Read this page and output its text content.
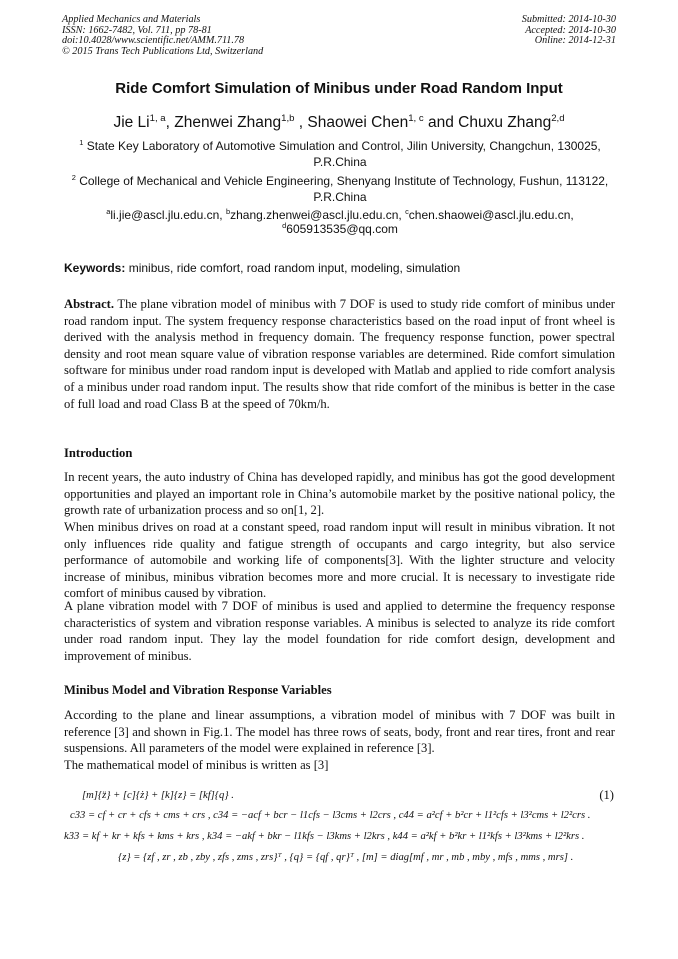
Applied Mechanics and Materials
ISSN: 1662-7482, Vol. 711, pp 78-81
doi:10.4028/www.scientific.net/AMM.711.78
© 2015 Trans Tech Publications Ltd, Switzerland
Submitted: 2014-10-30
Accepted: 2014-10-30
Online: 2014-12-31
Ride Comfort Simulation of Minibus under Road Random Input
Jie Li$^{1, a}$, Zhenwei Zhang$^{1,b}$ , Shaowei Chen$^{1, c}$ and Chuxu Zhang$^{2,d}$
$^1$ State Key Laboratory of Automotive Simulation and Control, Jilin University, Changchun, 130025, P.R.China
$^2$ College of Mechanical and Vehicle Engineering, Shenyang Institute of Technology, Fushun, 113122, P.R.China
$^a$li.jie@ascl.jlu.edu.cn, $^b$zhang.zhenwei@ascl.jlu.edu.cn, $^c$chen.shaowei@ascl.jlu.edu.cn,
$^d$605913535@qq.com
Keywords: minibus, ride comfort, road random input, modeling, simulation
Abstract. The plane vibration model of minibus with 7 DOF is used to study ride comfort of minibus under road random input. The system frequency response characteristics based on the road input of front wheel is derived with the analysis method in frequency domain. The frequency response function, power spectral density and root mean square value of vibration response variables are determined. Ride comfort simulation software for minibus under road random input is developed with Matlab and applied to ride comfort analysis of a minibus under road random input. The results show that ride comfort of the minibus is better in the case of full load and road Class B at the speed of 70km/h.
Introduction
In recent years, the auto industry of China has developed rapidly, and minibus has got the good development opportunities and played an important role in China’s automobile market by the positive national policy, the growth rate of urbanization process and so on[1, 2].
When minibus drives on road at a constant speed, road random input will result in minibus vibration. It not only influences ride quality and fatigue strength of occupants and cargo integrity, but also service performance of automobile and working life of components[3]. With the lighter structure and velocity increase of minibus, minibus vibration becomes more and more crucial. It is necessary to investigate ride comfort of minibus caused by vibration.
A plane vibration model with 7 DOF of minibus is used and applied to determine the frequency response characteristics of system and vibration response variables. A minibus is selected to analyze its ride comfort under road random input. They lay the model foundation for ride comfort design, development and improvement of minibus.
Minibus Model and Vibration Response Variables
According to the plane and linear assumptions, a vibration model of minibus with 7 DOF was built in reference [3] and shown in Fig.1. The model has three rows of seats, body, front and rear tires, front and rear suspensions. All parameters of the model were explained in reference [3].
The mathematical model of minibus is written as [3]
[m]{z̈} + [c]{ż} + [k]{z} = [kf]{q} .	(1)
c33 = cf + cr + cfs + cms + crs , c34 = −acf + bcr − l1cfs − l3cms + l2crs , c44 = a²cf + b²cr + l1²cfs + l3²cms + l2²crs .
k33 = kf + kr + kfs + kms + krs , k34 = −akf + bkr − l1kfs − l3kms + l2krs , k44 = a²kf + b²kr + l1²kfs + l3²kms + l2²krs .
{z} = {zf , zr , zb , zby , zfs , zms , zrs}ᵀ , {q} = {qf , qr}ᵀ , [m] = diag[mf , mr , mb , mby , mfs , mms , mrs] .
